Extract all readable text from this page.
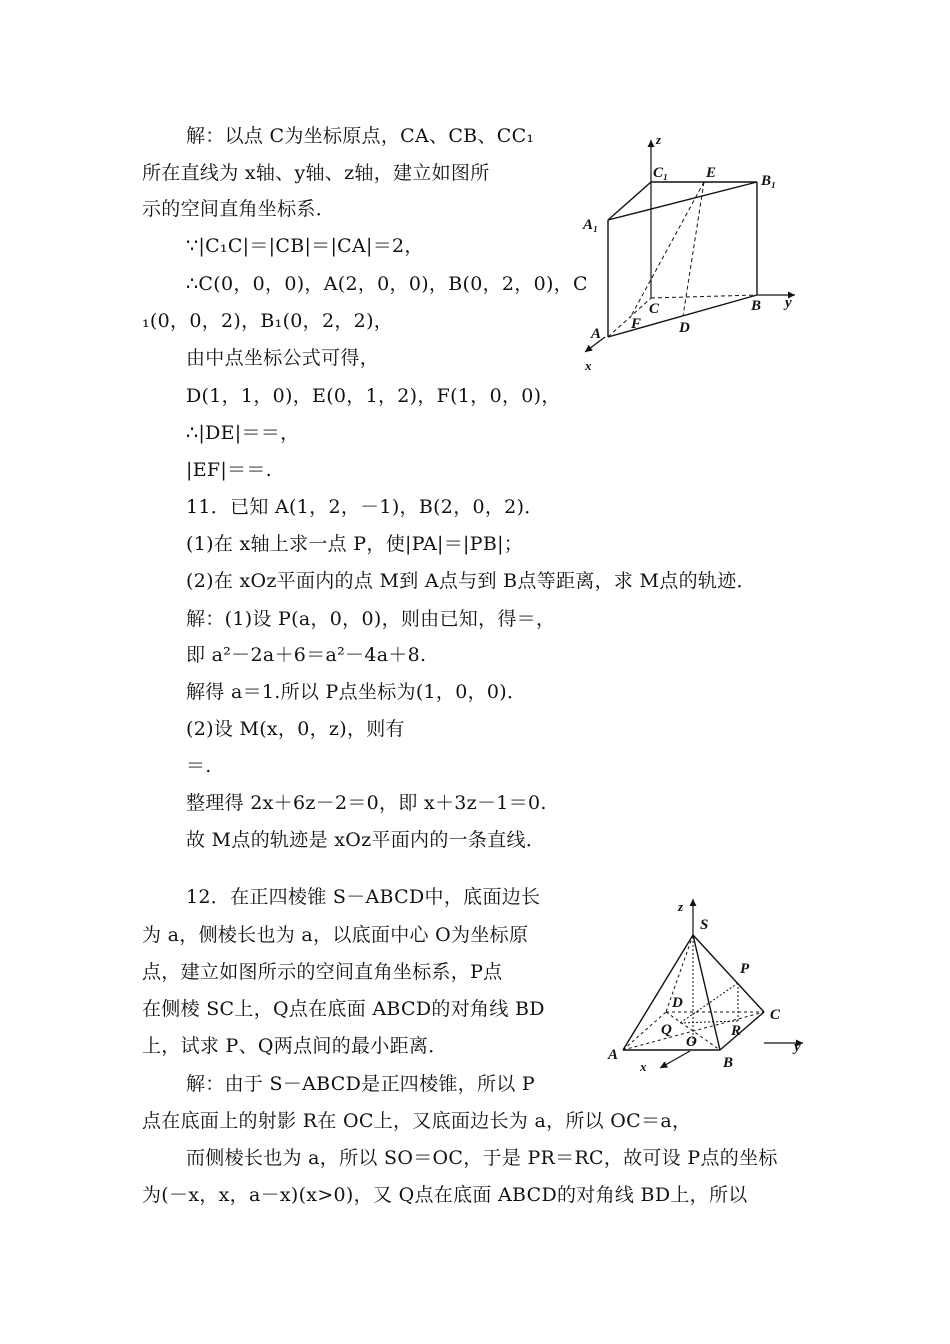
解：以点 C为坐标原点，CA、CB、CC₁
所在直线为 x轴、y轴、z轴，建立如图所
示的空间直角坐标系．
∵|C₁C|＝|CB|＝|CA|＝2，
∴C(0，0，0)，A(2，0，0)，B(0，2，0)，C
₁(0，0，2)，B₁(0，2，2)，
由中点坐标公式可得，
D(1，1，0)，E(0，1，2)，F(1，0，0)，
∴|DE|＝＝，
|EF|＝＝.
11．已知 A(1，2，－1)，B(2，0，2)．
(1)在 x轴上求一点 P，使|PA|＝|PB|；
(2)在 xOz平面内的点 M到 A点与到 B点等距离，求 M点的轨迹．
解：(1)设 P(a，0，0)，则由已知，得＝，
即 a²－2a＋6＝a²－4a＋8.
解得 a＝1.所以 P点坐标为(1，0，0)．
(2)设 M(x，0，z)，则有
＝.
整理得 2x＋6z－2＝0，即 x＋3z－1＝0.
故 M点的轨迹是 xOz平面内的一条直线．
12．在正四棱锥 S－ABCD中，底面边长
为 a，侧棱长也为 a，以底面中心 O为坐标原
点，建立如图所示的空间直角坐标系，P点
在侧棱 SC上，Q点在底面 ABCD的对角线 BD
上，试求 P、Q两点间的最小距离．
解：由于 S－ABCD是正四棱锥，所以 P
点在底面上的射影 R在 OC上，又底面边长为 a，所以 OC＝a，
而侧棱长也为 a，所以 SO＝OC，于是 PR＝RC，故可设 P点的坐标
为(－x，x，a－x)(x>0)，又 Q点在底面 ABCD的对角线 BD上，所以
z
C₁	E	B₁
A₁
C	B y
A
F	D
x
z
S
P
D
C
Q	R
O
A	B
y
x
